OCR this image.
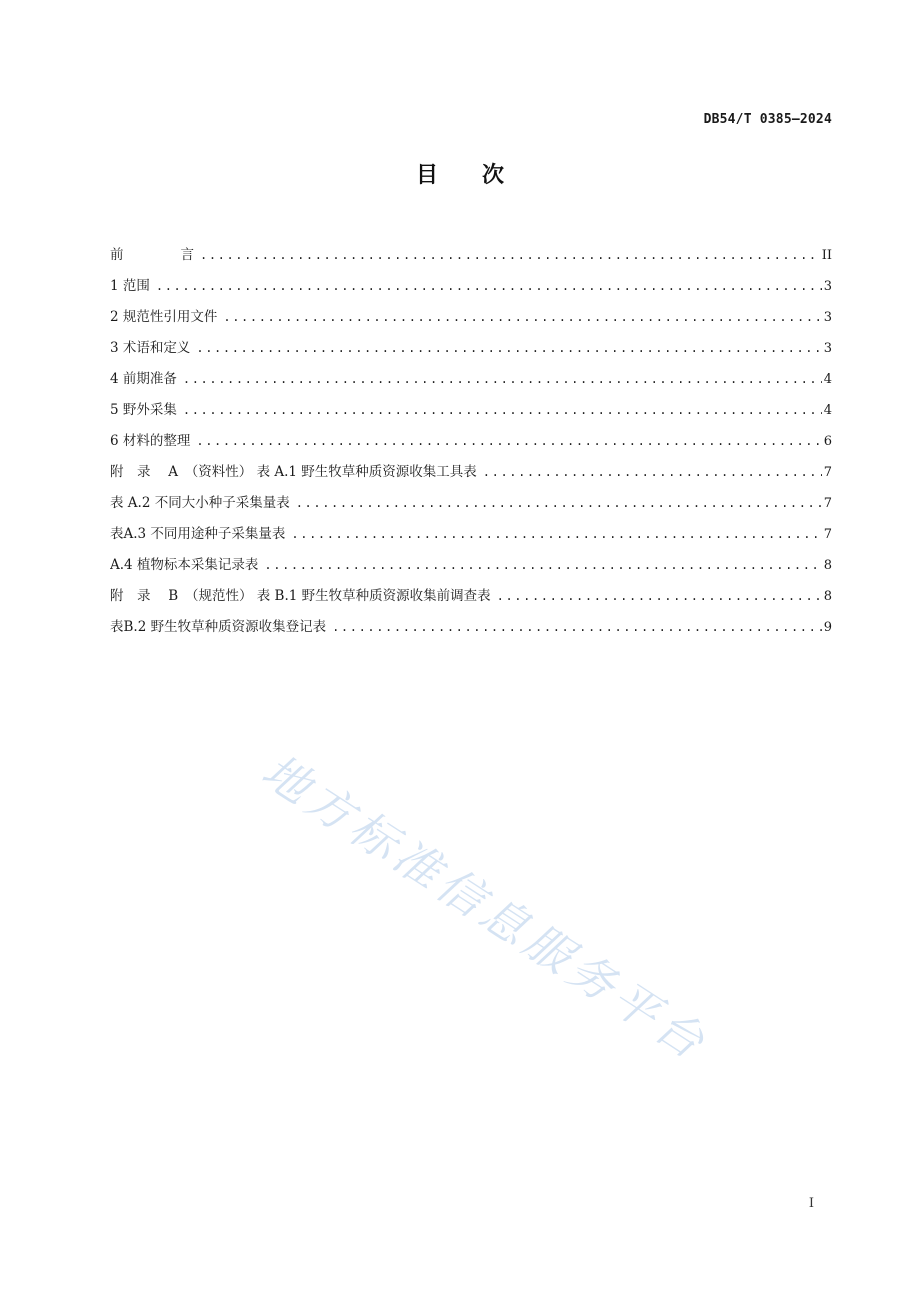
DB54/T 0385—2024
目次
前	言 .....	II
1 范围 .....	3
2 规范性引用文件 .....	3
3 术语和定义 .....	3
4 前期准备 .....	4
5 野外采集 .....	4
6 材料的整理 .....	6
附　录　 A　（资料性） 表 A.1 野生牧草种质资源收集工具表 .....	7
表 A.2 不同大小种子采集量表 .....	7
表A.3 不同用途种子采集量表 .....	7
A.4 植物标本采集记录表 .....	8
附　录　 B　（规范性） 表 B.1 野生牧草种质资源收集前调查表 .....	8
表B.2 野生牧草种质资源收集登记表 .....	9
地方标准信息服务平台
I
